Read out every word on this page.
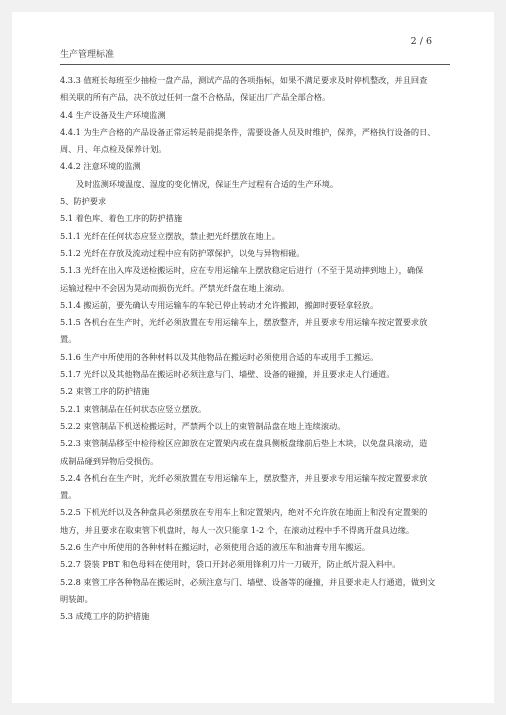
生产管理标准
2 / 6

4.3.3 值班长每班至少抽检一盘产品，测试产品的各项指标，如果不满足要求及时停机整改，并且回查

相关联的所有产品，决不放过任何一盘不合格品，保证出厂产品全部合格。

4.4 生产设备及生产环境监测

4.4.1 为生产合格的产品设备正常运转是前提条件，需要设备人员及时维护，保养，严格执行设备的日、

周、月、年点检及保养计划。

4.4.2 注意环境的监测

及时监测环境温度、湿度的变化情况，保证生产过程有合适的生产环境。

5、防护要求

5.1 着色库、着色工序的防护措施

5.1.1 光纤在任何状态应竖立摆放，禁止把光纤摆放在地上。

5.1.2 光纤在存放及流动过程中应有防护罩保护，以免与异物相碰。

5.1.3 光纤在出入库及送检搬运时，应在专用运输车上摆放稳定后进行（不至于晃动摔到地上），确保

运输过程中不会因为晃动而损伤光纤。严禁光纤盘在地上滚动。

5.1.4 搬运前，要先确认专用运输车的车轮已停止转动才允许搬卸，搬卸时要轻拿轻放。

5.1.5 各机台在生产时，光纤必须放置在专用运输车上，摆放整齐，并且要求专用运输车按定置要求放

置。

5.1.6 生产中所使用的各种材料以及其他物品在搬运时必须使用合适的车或用手工搬运。

5.1.7 光纤以及其他物品在搬运时必须注意与门、墙壁、设备的碰撞，并且要求走人行通道。

5.2 束管工序的防护措施

5.2.1 束管制品在任何状态应竖立摆放。

5.2.2 束管制品下机送检搬运时，严禁两个以上的束管制品盘在地上连续滚动。

5.2.3 束管制品移至中检待检区应卸放在定置架内或在盘具侧板盘缘前后垫上木块，以免盘具滚动，造

成制品碰到异物后受损伤。

5.2.4 各机台在生产时，光纤必须放置在专用运输车上，摆放整齐，并且要求专用运输车按定置要求放

置。

5.2.5 下机光纤以及各种盘具必须摆放在专用车上和定置架内，绝对不允许放在地面上和没有定置架的

地方，并且要求在取束管下机盘时，每人一次只能拿 1-2 个，在滚动过程中手不得离开盘具边缘。

5.2.6 生产中所使用的各种材料在搬运时，必须使用合适的液压车和油膏专用车搬运。

5.2.7 袋装 PBT 和色母料在使用时，袋口开封必须用锋利刀片一刀破开，防止纸片混入料中。

5.2.8 束管工序各种物品在搬运时，必须注意与门、墙壁、设备等的碰撞，并且要求走人行通道，做到文

明装卸。

5.3 成缆工序的防护措施
